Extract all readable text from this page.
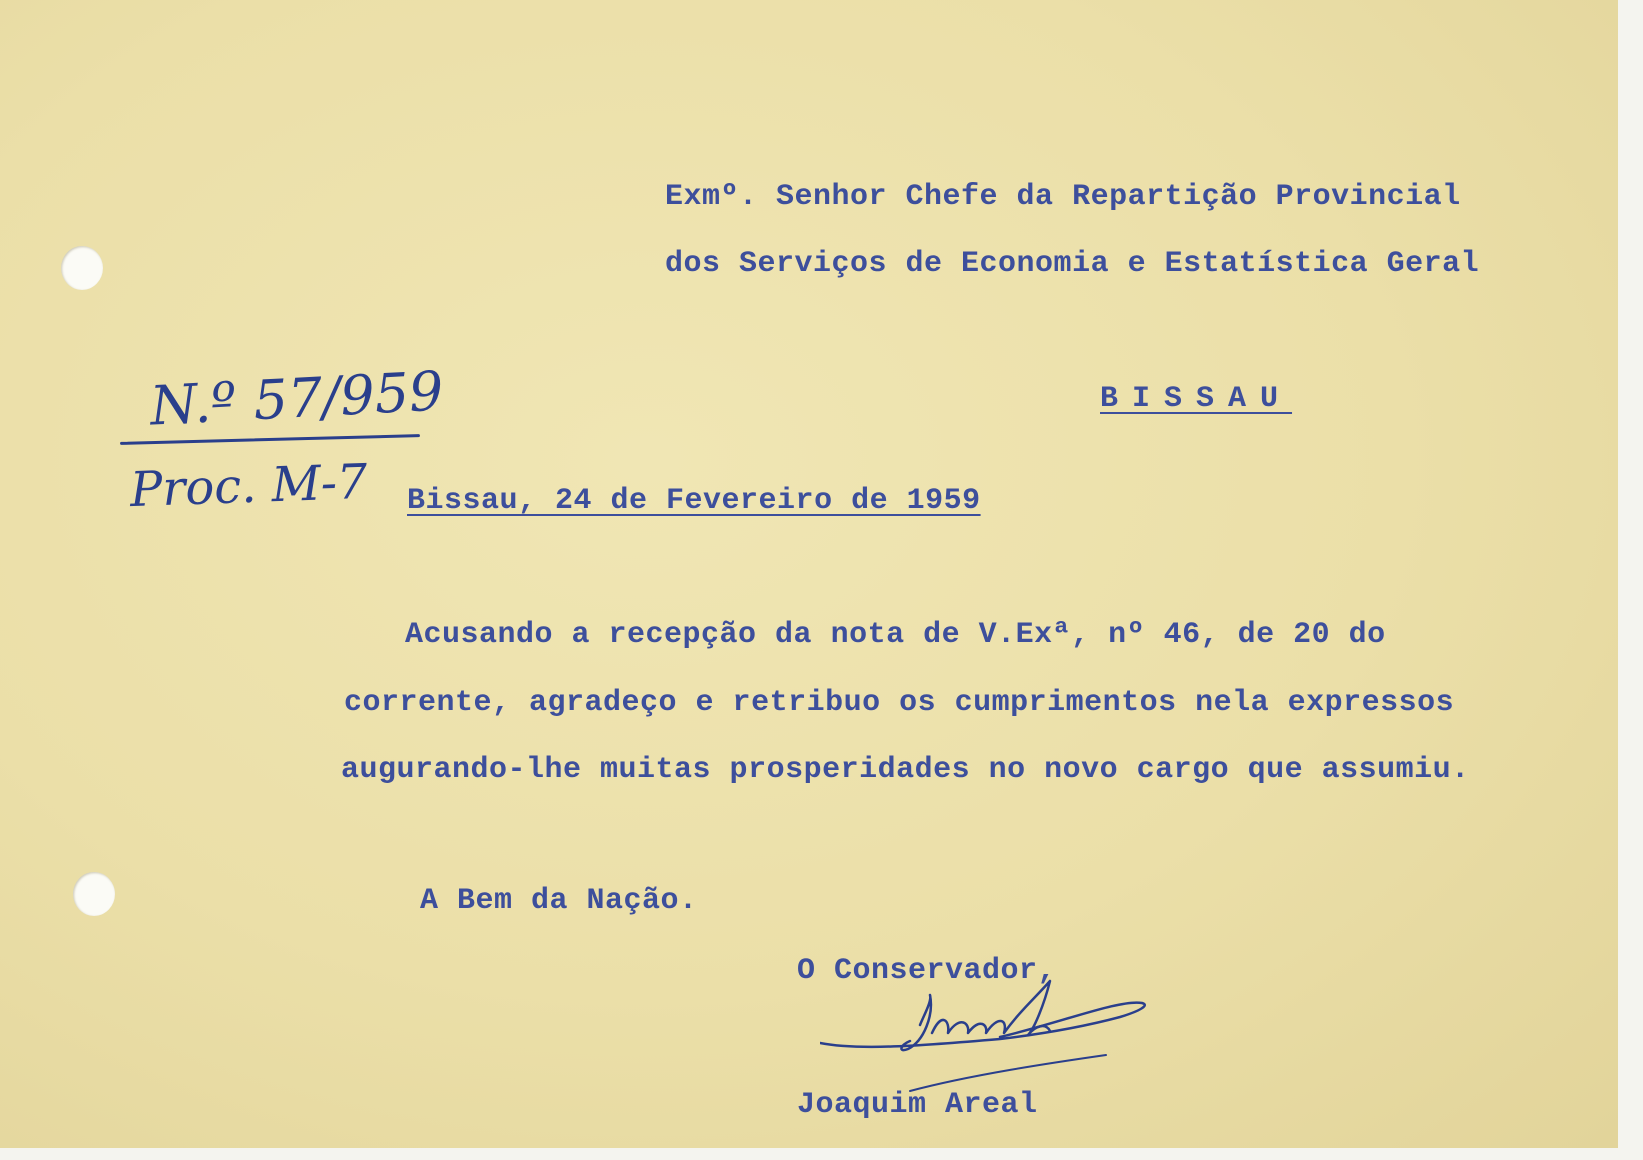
Exmº. Senhor Chefe da Repartição Provincial
dos Serviços de Economia e Estatística Geral
BISSAU
N.º 57/959
Proc. M-7 Bissau, 24 de Fevereiro de 1959
Acusando a recepção da nota de V.Exª, nº 46, de 20 do
corrente, agradeço e retribuo os cumprimentos nela expressos
augurando-lhe muitas prosperidades no novo cargo que assumiu.
A Bem da Nação.
O Conservador,
Joaquim Areal
